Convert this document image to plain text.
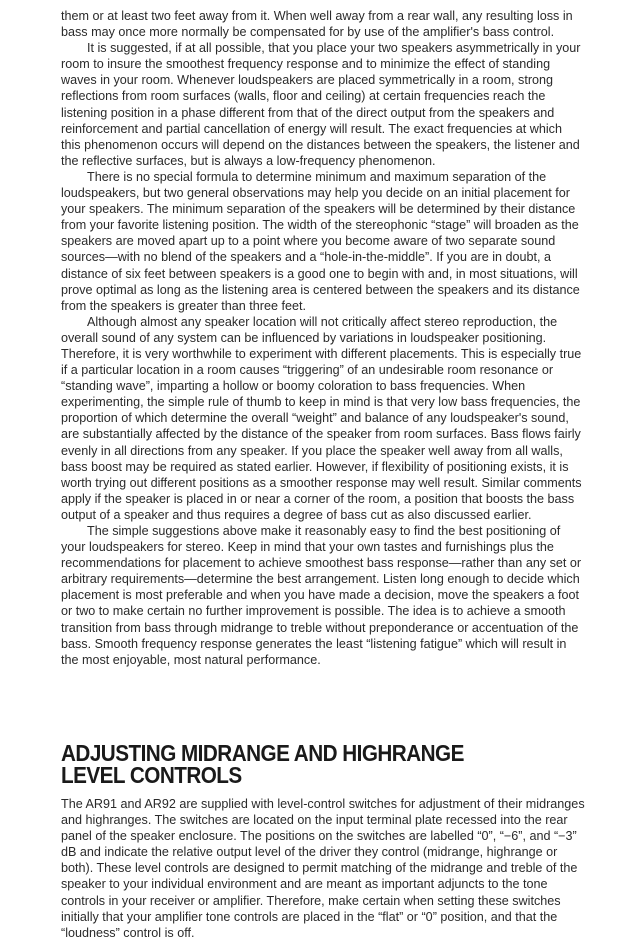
them or at least two feet away from it. When well away from a rear wall, any resulting loss in bass may once more normally be compensated for by use of the amplifier's bass control.

It is suggested, if at all possible, that you place your two speakers asymmetrically in your room to insure the smoothest frequency response and to minimize the effect of standing waves in your room. Whenever loudspeakers are placed symmetrically in a room, strong reflections from room surfaces (walls, floor and ceiling) at certain frequencies reach the listening position in a phase different from that of the direct output from the speakers and reinforcement and partial cancellation of energy will result. The exact frequencies at which this phenomenon occurs will depend on the distances between the speakers, the listener and the reflective surfaces, but is always a low-frequency phenomenon.

There is no special formula to determine minimum and maximum separation of the loudspeakers, but two general observations may help you decide on an initial placement for your speakers. The minimum separation of the speakers will be determined by their distance from your favorite listening position. The width of the stereophonic “stage” will broaden as the speakers are moved apart up to a point where you become aware of two separate sound sources—with no blend of the speakers and a “hole-in-the-middle”. If you are in doubt, a distance of six feet between speakers is a good one to begin with and, in most situations, will prove optimal as long as the listening area is centered between the speakers and its distance from the speakers is greater than three feet.

Although almost any speaker location will not critically affect stereo reproduction, the overall sound of any system can be influenced by variations in loudspeaker positioning. Therefore, it is very worthwhile to experiment with different placements. This is especially true if a particular location in a room causes “triggering” of an undesirable room resonance or “standing wave”, imparting a hollow or boomy coloration to bass frequencies. When experimenting, the simple rule of thumb to keep in mind is that very low bass frequencies, the proportion of which determine the overall “weight” and balance of any loudspeaker's sound, are substantially affected by the distance of the speaker from room surfaces. Bass flows fairly evenly in all directions from any speaker. If you place the speaker well away from all walls, bass boost may be required as stated earlier. However, if flexibility of positioning exists, it is worth trying out different positions as a smoother response may well result. Similar comments apply if the speaker is placed in or near a corner of the room, a position that boosts the bass output of a speaker and thus requires a degree of bass cut as also discussed earlier.

The simple suggestions above make it reasonably easy to find the best positioning of your loudspeakers for stereo. Keep in mind that your own tastes and furnishings plus the recommendations for placement to achieve smoothest bass response—rather than any set or arbitrary requirements—determine the best arrangement. Listen long enough to decide which placement is most preferable and when you have made a decision, move the speakers a foot or two to make certain no further improvement is possible. The idea is to achieve a smooth transition from bass through midrange to treble without preponderance or accentuation of the bass. Smooth frequency response generates the least “listening fatigue” which will result in the most enjoyable, most natural performance.

ADJUSTING MIDRANGE AND HIGHRANGE
LEVEL CONTROLS

The AR91 and AR92 are supplied with level-control switches for adjustment of their midranges and highranges. The switches are located on the input terminal plate recessed into the rear panel of the speaker enclosure. The positions on the switches are labelled “0”, “−6”, and “−3” dB and indicate the relative output level of the driver they control (midrange, highrange or both). These level controls are designed to permit matching of the midrange and treble of the speaker to your individual environment and are meant as important adjuncts to the tone controls in your receiver or amplifier. Therefore, make certain when setting these switches initially that your amplifier tone controls are placed in the “flat” or “0” position, and that the “loudness” control is off.
